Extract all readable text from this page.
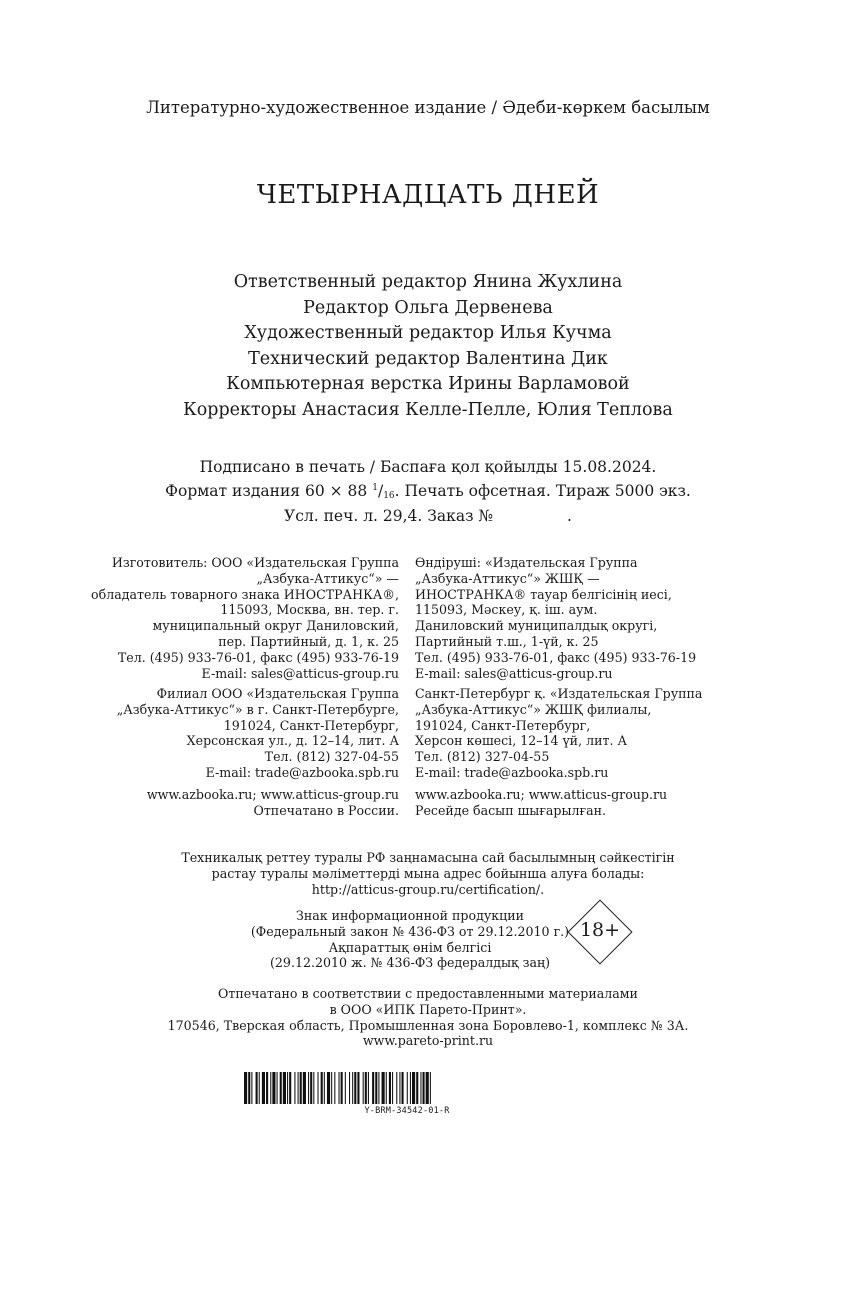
Литературно-художественное издание / Әдеби-көркем басылым
ЧЕТЫРНАДЦАТЬ ДНЕЙ
Ответственный редактор Янина Жухлина
Редактор Ольга Дервенева
Художественный редактор Илья Кучма
Технический редактор Валентина Дик
Компьютерная верстка Ирины Варламовой
Корректоры Анастасия Келле-Пелле, Юлия Теплова
Подписано в печать / Баспаға қол қойылды 15.08.2024.
Формат издания 60 × 88 $^1/_{16}$. Печать офсетная. Тираж 5000 экз.
Усл. печ. л. 29,4. Заказ №               .
Изготовитель: ООО «Издательская Группа
„Азбука-Аттикус“» —
обладатель товарного знака ИНОСТРАНКА®,
115093, Москва, вн. тер. г.
муниципальный округ Даниловский,
пер. Партийный, д. 1, к. 25
Тел. (495) 933-76-01, факс (495) 933-76-19
E-mail: sales@atticus-group.ru
Өндіруші: «Издательская Группа
„Азбука-Аттикус“» ЖШҚ —
ИНОСТРАНКА® тауар белгісінің иесі,
115093, Мәскеу, қ. іш. аум.
Даниловский муниципалдық округі,
Партийный т.ш., 1-үй, к. 25
Тел. (495) 933-76-01, факс (495) 933-76-19
E-mail: sales@atticus-group.ru
Филиал ООО «Издательская Группа
„Азбука-Аттикус“» в г. Санкт-Петербурге,
191024, Санкт-Петербург,
Херсонская ул., д. 12–14, лит. А
Тел. (812) 327-04-55
E-mail: trade@azbooka.spb.ru
Санкт-Петербург қ. «Издательская Группа
„Азбука-Аттикус“» ЖШҚ филиалы,
191024, Санкт-Петербург,
Херсон көшесі, 12–14 үй, лит. А
Тел. (812) 327-04-55
E-mail: trade@azbooka.spb.ru
www.azbooka.ru; www.atticus-group.ru
Отпечатано в России.
www.azbooka.ru; www.atticus-group.ru
Ресейде басып шығарылған.
Техникалық реттеу туралы РФ заңнамасына сай басылымның сәйкестігін
растау туралы мәліметтерді мына адрес бойынша алуға болады:
http://atticus-group.ru/certification/.
Знак информационной продукции
(Федеральный закон № 436-ФЗ от 29.12.2010 г.)
Ақпараттық өнім белгісі
(29.12.2010 ж. № 436-ФЗ федералдық заң)
18+
Отпечатано в соответствии с предоставленными материалами
в ООО «ИПК Парето-Принт».
170546, Тверская область, Промышленная зона Боровлево-1, комплекс № 3А.
www.pareto-print.ru
Y-BRM-34542-01-R
